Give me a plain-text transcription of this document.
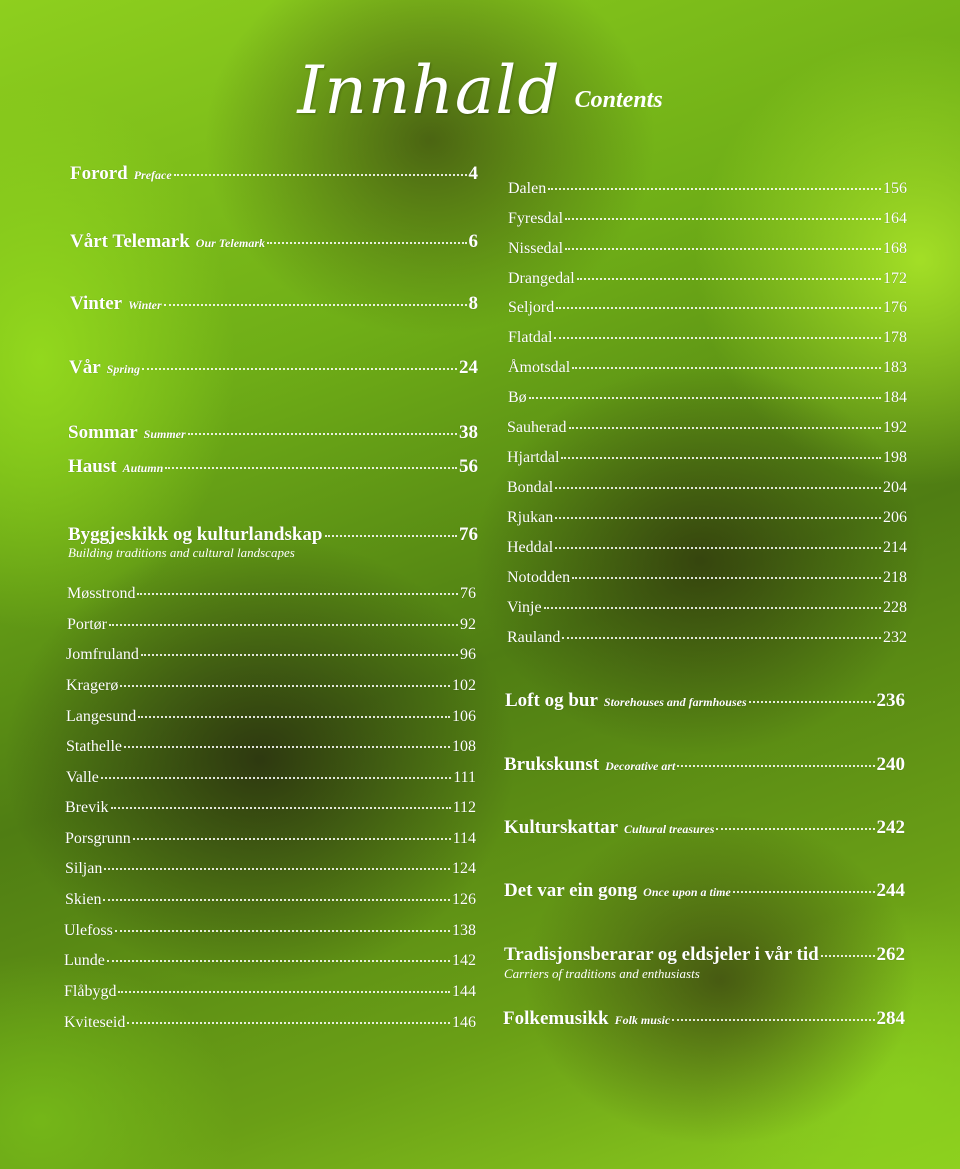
Innhald Contents
Forord Preface	4
Vårt Telemark Our Telemark	6
Vinter Winter	8
Vår Spring	24
Sommar Summer	38
Haust Autumn	56
Byggjeskikk og kulturlandskap	76
Building traditions and cultural landscapes
Møsstrond	76
Portør	92
Jomfruland	96
Kragerø	102
Langesund	106
Stathelle	108
Valle	111
Brevik	112
Porsgrunn	114
Siljan	124
Skien	126
Ulefoss	138
Lunde	142
Flåbygd	144
Kviteseid	146
Dalen	156
Fyresdal	164
Nissedal	168
Drangedal	172
Seljord	176
Flatdal	178
Åmotsdal	183
Bø	184
Sauherad	192
Hjartdal	198
Bondal	204
Rjukan	206
Heddal	214
Notodden	218
Vinje	228
Rauland	232
Loft og bur Storehouses and farmhouses	236
Brukskunst Decorative art	240
Kulturskattar Cultural treasures	242
Det var ein gong Once upon a time	244
Tradisjonsberarar og eldsjeler i vår tid	262
Carriers of traditions and enthusiasts
Folkemusikk Folk music	284
